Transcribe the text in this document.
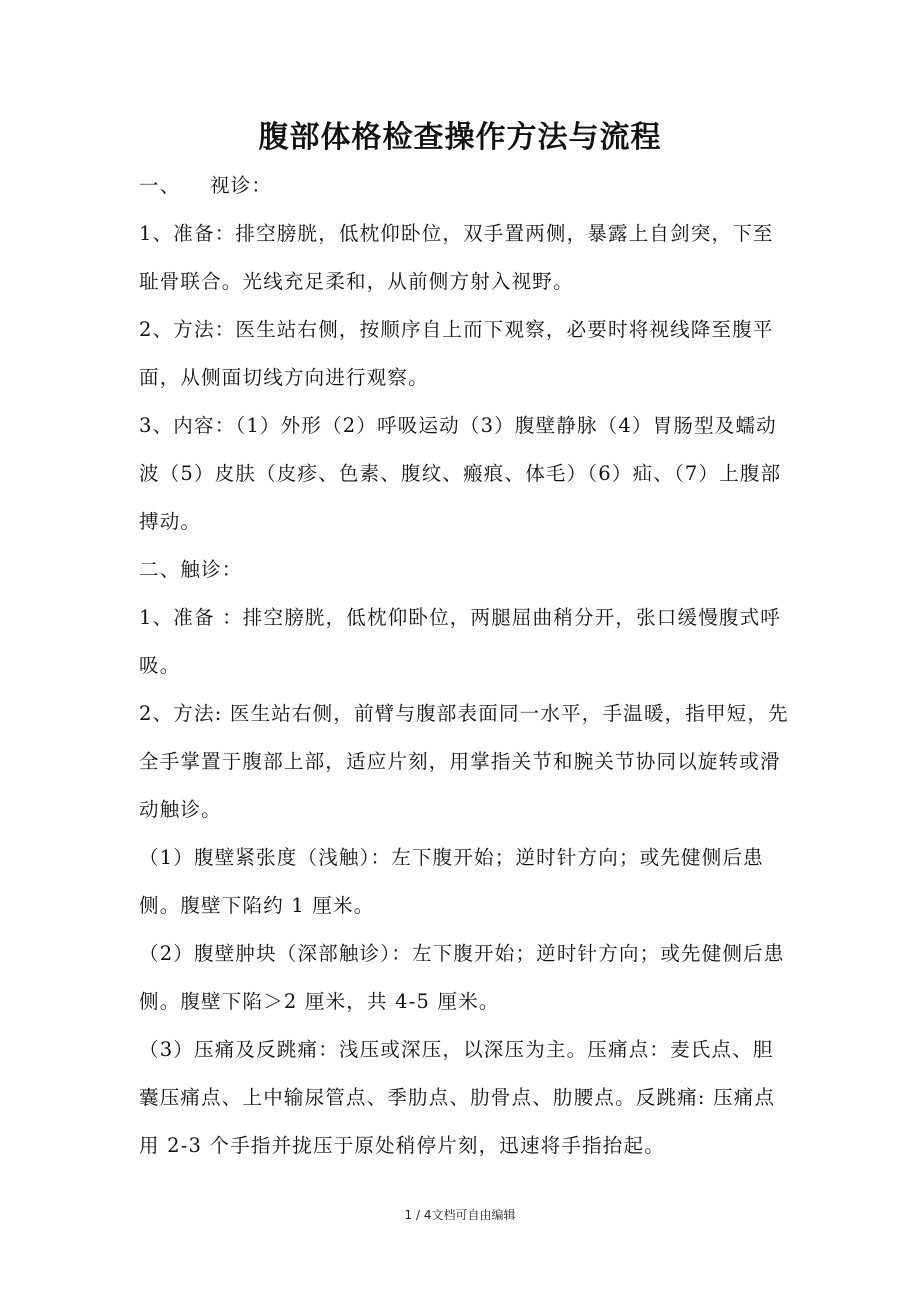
腹部体格检查操作方法与流程

一、    视诊：

1、准备：排空膀胱，低枕仰卧位，双手置两侧，暴露上自剑突，下至耻骨联合。光线充足柔和，从前侧方射入视野。

2、方法：医生站右侧，按顺序自上而下观察，必要时将视线降至腹平面，从侧面切线方向进行观察。

3、内容：（1）外形（2）呼吸运动（3）腹壁静脉（4）胃肠型及蠕动波（5）皮肤（皮疹、色素、腹纹、瘢痕、体毛）（6）疝、（7）上腹部搏动。

二、触诊：

1、准备 ：排空膀胱，低枕仰卧位，两腿屈曲稍分开，张口缓慢腹式呼吸。

2、方法: 医生站右侧，前臂与腹部表面同一水平，手温暖，指甲短，先全手掌置于腹部上部，适应片刻，用掌指关节和腕关节协同以旋转或滑动触诊。

（1）腹壁紧张度（浅触）：左下腹开始；逆时针方向；或先健侧后患侧。腹壁下陷约 1 厘米。

（2）腹壁肿块（深部触诊）：左下腹开始；逆时针方向；或先健侧后患侧。腹壁下陷＞2 厘米，共 4-5 厘米。

（3）压痛及反跳痛：浅压或深压，以深压为主。压痛点：麦氏点、胆囊压痛点、上中输尿管点、季肋点、肋骨点、肋腰点。反跳痛: 压痛点用 2-3 个手指并拢压于原处稍停片刻，迅速将手指抬起。

1 / 4文档可自由编辑
